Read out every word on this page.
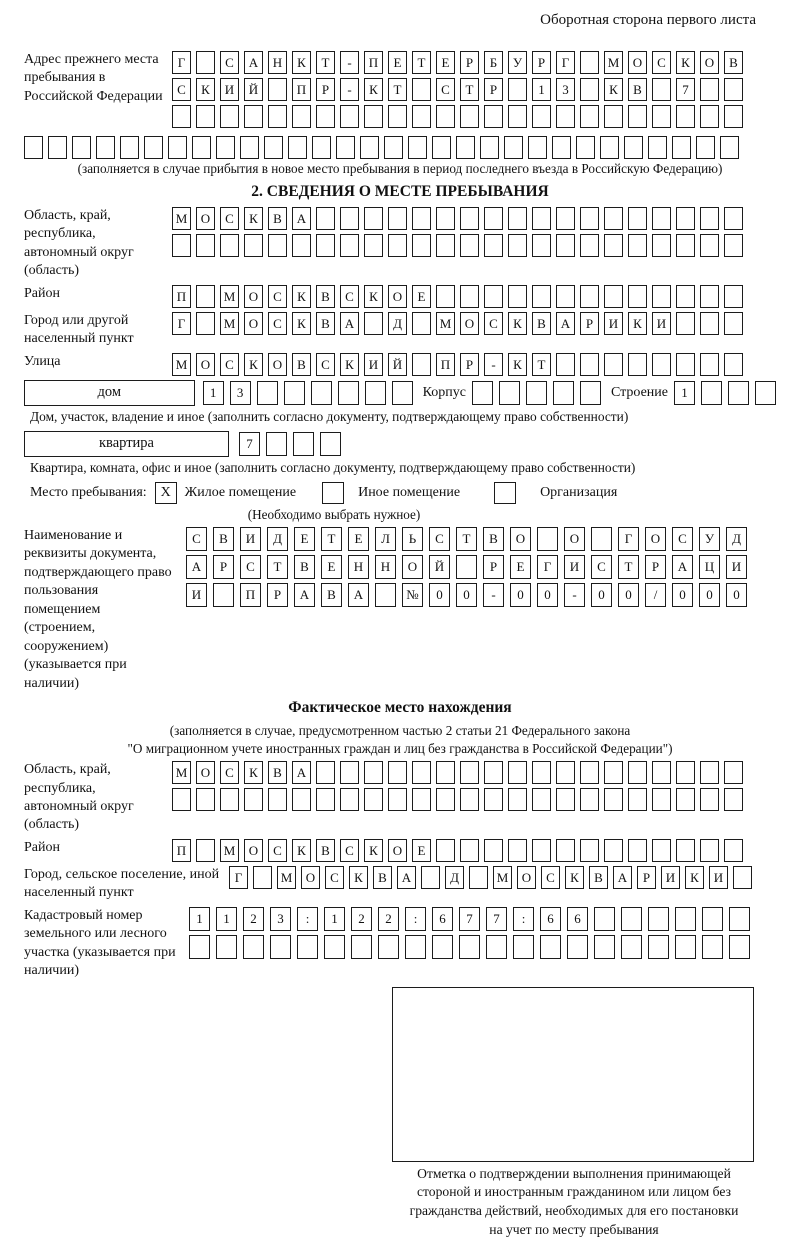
Оборотная сторона первого листа
Адрес прежнего места пребывания в Российской Федерации
Г	С	А	Н	К	Т	-	П	Е	Т	Е	Р	Б	У	Р	Г	М	О	С	К	О	В
С	К	И	Й	П	Р	-	К	Т	С	Т	Р	1	3	К	В	7
(заполняется в случае прибытия в новое место пребывания в период последнего въезда в Российскую Федерацию)
2. СВЕДЕНИЯ О МЕСТЕ ПРЕБЫВАНИЯ
Область, край, республика, автономный округ (область)
М	О	С	К	В	А
Район	П	М	О	С	К	В	С	К	О	Е
Город или другой населенный пункт
Г	М	О	С	К	В	А	Д	М	О	С	К	В	А	Р	И	К	И
Улица	М	О	С	К	О	В	С	К	И	Й	П	Р	-	К	Т
дом	1	3	Корпус	Строение	1
Дом, участок, владение и иное (заполнить согласно документу, подтверждающему право собственности)
квартира	7
Квартира, комната, офис и иное (заполнить согласно документу, подтверждающему право собственности)
Место пребывания: X Жилое помещение	Иное помещение	Организация
(Необходимо выбрать нужное)
Наименование и реквизиты документа, подтверждающего право пользования помещением (строением, сооружением) (указывается при наличии)
С	В	И	Д	Е	Т	Е	Л	Ь	С	Т	В	О	О	Г	О	С	У	Д
А	Р	С	Т	В	Е	Н	Н	О	Й	Р	Е	Г	И	С	Т	Р	А	Ц	И
И	П	Р	А	В	А	№	0	0	-	0	0	-	0	0	/	0	0	0
Фактическое место нахождения
(заполняется в случае, предусмотренном частью 2 статьи 21 Федерального закона
"О миграционном учете иностранных граждан и лиц без гражданства в Российской Федерации")
Область, край, республика, автономный округ (область)
М	О	С	К	В	А
Район	П	М	О	С	К	В	С	К	О	Е
Город, сельское поселение, иной населенный пункт
Г	М	О	С	К	В	А	Д	М	О	С	К	В	А	Р	И	К	И
Кадастровый номер земельного или лесного участка (указывается при наличии)
1	1	2	3	:	1	2	2	:	6	7	7	:	6	6
Отметка о подтверждении выполнения принимающей
стороной и иностранным гражданином или лицом без
гражданства действий, необходимых для его постановки
на учет по месту пребывания
